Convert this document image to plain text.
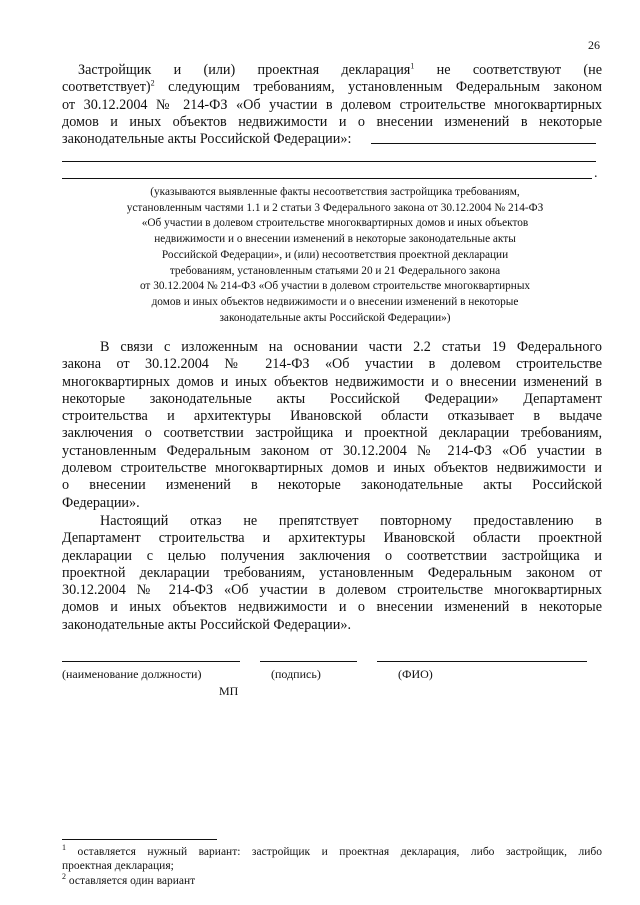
26
Застройщик и (или) проектная декларация$^1$ не соответствуют (не
соответствует)$^2$ следующим требованиям, установленным Федеральным законом
от 30.12.2004 № 214-ФЗ «Об участии в долевом строительстве многоквартирных
домов и иных объектов недвижимости и о внесении изменений в некоторые
законодательные акты Российской Федерации»:
.
(указываются выявленные факты несоответствия застройщика требованиям,
установленным частями 1.1 и 2 статьи 3 Федерального закона от 30.12.2004 № 214-ФЗ
«Об участии в долевом строительстве многоквартирных домов и иных объектов
недвижимости и о внесении изменений в некоторые законодательные акты
Российской Федерации», и (или) несоответствия проектной декларации
требованиям, установленным статьями 20 и 21 Федерального закона
от 30.12.2004 № 214-ФЗ «Об участии в долевом строительстве многоквартирных
домов и иных объектов недвижимости и о внесении изменений в некоторые
законодательные акты Российской Федерации»)
В связи с изложенным на основании части 2.2 статьи 19 Федерального
закона от 30.12.2004 № 214-ФЗ «Об участии в долевом строительстве
многоквартирных домов и иных объектов недвижимости и о внесении изменений в
некоторые законодательные акты Российской Федерации» Департамент
строительства и архитектуры Ивановской области отказывает в выдаче
заключения о соответствии застройщика и проектной декларации требованиям,
установленным Федеральным законом от 30.12.2004 № 214-ФЗ «Об участии в
долевом строительстве многоквартирных домов и иных объектов недвижимости и
о внесении изменений в некоторые законодательные акты Российской
Федерации».
Настоящий отказ не препятствует повторному предоставлению в
Департамент строительства и архитектуры Ивановской области проектной
декларации с целью получения заключения о соответствии застройщика и
проектной декларации требованиям, установленным Федеральным законом от
30.12.2004 № 214-ФЗ «Об участии в долевом строительстве многоквартирных
домов и иных объектов недвижимости и о внесении изменений в некоторые
законодательные акты Российской Федерации».
(наименование должности)	(подпись)	(ФИО)
МП
$^1$ оставляется нужный вариант: застройщик и проектная декларация, либо застройщик, либо
проектная декларация;
$^2$ оставляется один вариант
